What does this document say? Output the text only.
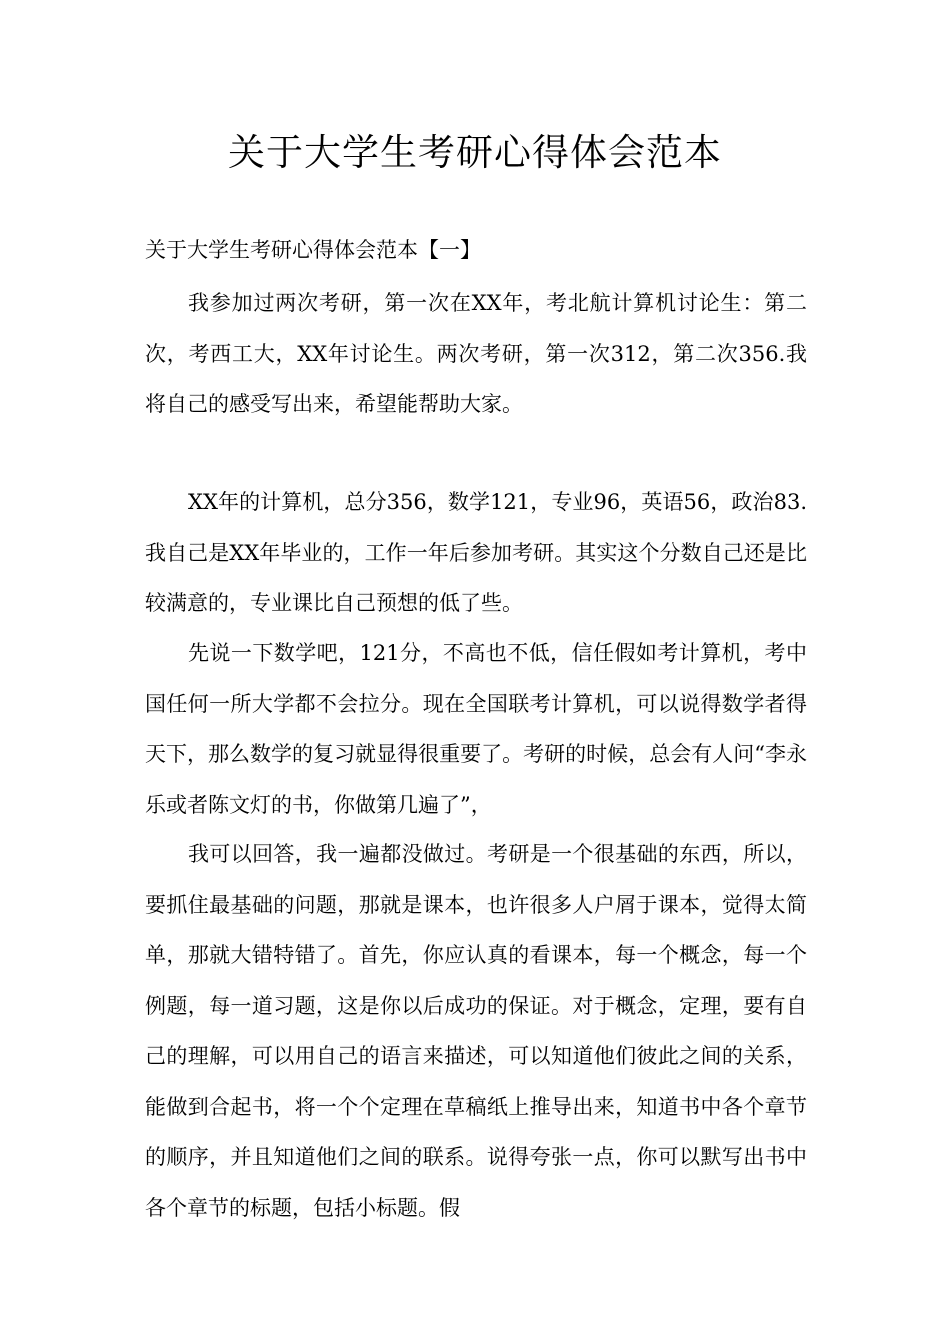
关于大学生考研心得体会范本

关于大学生考研心得体会范本【一】

我参加过两次考研，第一次在XX年，考北航计算机讨论生：第二次，考西工大，XX年讨论生。两次考研，第一次312，第二次356.我将自己的感受写出来，希望能帮助大家。

XX年的计算机，总分356，数学121，专业96，英语56，政治83.我自己是XX年毕业的，工作一年后参加考研。其实这个分数自己还是比较满意的，专业课比自己预想的低了些。

先说一下数学吧，121分，不高也不低，信任假如考计算机，考中国任何一所大学都不会拉分。现在全国联考计算机，可以说得数学者得天下，那么数学的复习就显得很重要了。考研的时候，总会有人问“李永乐或者陈文灯的书，你做第几遍了”，

我可以回答，我一遍都没做过。考研是一个很基础的东西，所以，要抓住最基础的问题，那就是课本，也许很多人户屑于课本，觉得太简单，那就大错特错了。首先，你应认真的看课本，每一个概念，每一个例题，每一道习题，这是你以后成功的保证。对于概念，定理，要有自己的理解，可以用自己的语言来描述，可以知道他们彼此之间的关系，能做到合起书，将一个个定理在草稿纸上推导出来，知道书中各个章节的顺序，并且知道他们之间的联系。说得夸张一点，你可以默写出书中各个章节的标题，包括小标题。假
